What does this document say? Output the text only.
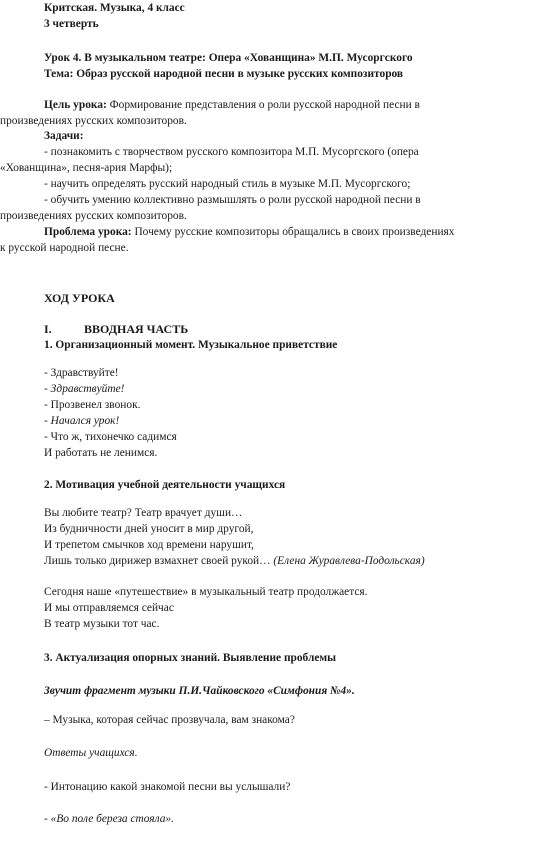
Критская. Музыка, 4 класс
3 четверть
Урок 4. В музыкальном театре: Опера «Хованщина» М.П. Мусоргского
Тема: Образ русской народной песни в музыке русских композиторов
Цель урока: Формирование представления о роли русской народной песни в
произведениях русских композиторов.
Задачи:
- познакомить с творчеством русского композитора М.П. Мусоргского (опера
«Хованщина», песня-ария Марфы);
- научить определять русский народный стиль в музыке М.П. Мусоргского;
- обучить умению коллективно размышлять о роли русской народной песни в
произведениях русских композиторов.
Проблема урока: Почему русские композиторы обращались в своих произведениях
к русской народной песне.
ХОД УРОКА
I.	ВВОДНАЯ ЧАСТЬ
1. Организационный момент. Музыкальное приветствие
- Здравствуйте!
- Здравствуйте!
- Прозвенел звонок.
- Начался урок!
- Что ж, тихонечко садимся
И работать не ленимся.
2. Мотивация учебной деятельности учащихся
Вы любите театр? Театр врачует души…
Из будничности дней уносит в мир другой,
И трепетом смычков ход времени нарушит,
Лишь только дирижер взмахнет своей рукой… (Елена Журавлева-Подольская)
Сегодня наше «путешествие» в музыкальный театр продолжается.
И мы отправляемся сейчас
В театр музыки тот час.
3. Актуализация опорных знаний. Выявление проблемы
Звучит фрагмент музыки П.И.Чайковского «Симфония №4».
– Музыка, которая сейчас прозвучала, вам знакома?
Ответы учащихся.
- Интонацию какой знакомой песни вы услышали?
- «Во поле береза стояла».
